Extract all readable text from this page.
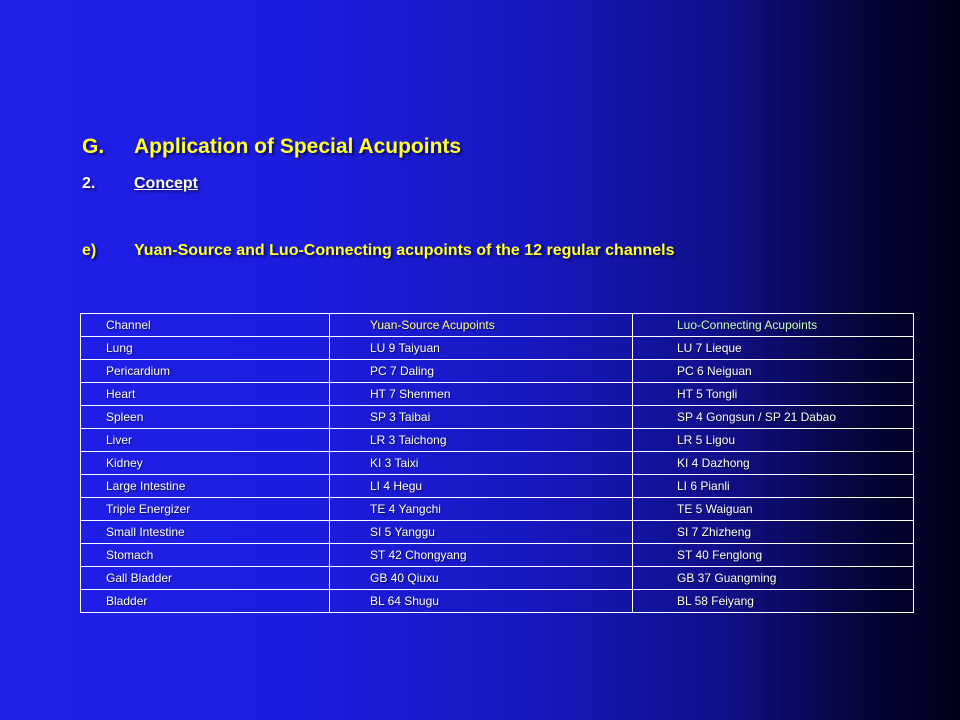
G. Application of Special Acupoints
2. Concept
e) Yuan-Source and Luo-Connecting acupoints of the 12 regular channels
Channel	Yuan-Source Acupoints	Luo-Connecting Acupoints
Lung	LU 9 Taiyuan	LU 7 Lieque
Pericardium	PC 7 Daling	PC 6 Neiguan
Heart	HT 7 Shenmen	HT 5 Tongli
Spleen	SP 3 Taibai	SP 4 Gongsun / SP 21 Dabao
Liver	LR 3 Taichong	LR 5 Ligou
Kidney	KI 3 Taixi	KI 4 Dazhong
Large Intestine	LI 4 Hegu	LI 6 Pianli
Triple Energizer	TE 4 Yangchi	TE 5 Waiguan
Small Intestine	SI 5 Yanggu	SI 7 Zhizheng
Stomach	ST 42 Chongyang	ST 40 Fenglong
Gall Bladder	GB 40 Qiuxu	GB 37 Guangming
Bladder	BL 64 Shugu	BL 58 Feiyang
